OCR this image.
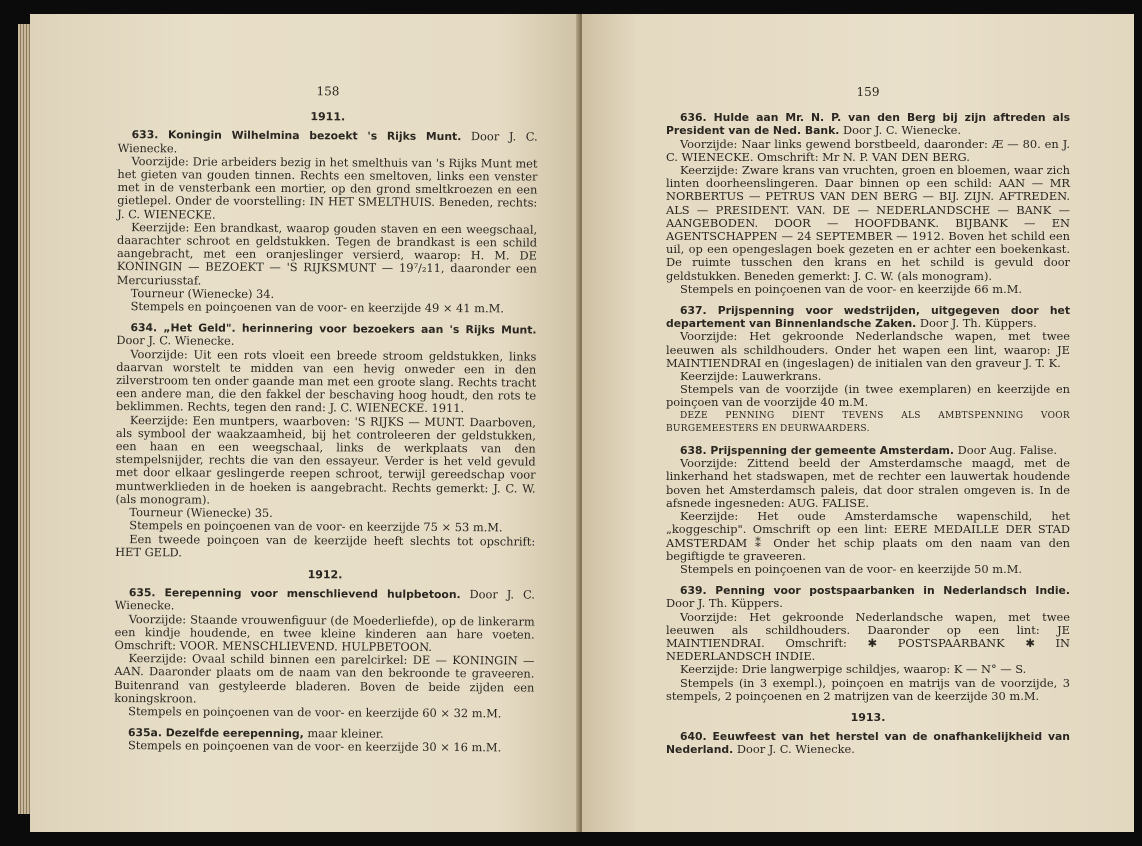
158
1911.

633. Koningin Wilhelmina bezoekt 's Rijks Munt. Door J. C. Wienecke.

Voorzijde: Drie arbeiders bezig in het smelthuis van 's Rijks Munt met het gieten van gouden tinnen. Rechts een smeltoven, links een venster met in de vensterbank een mortier, op den grond smeltkroezen en een gietlepel. Onder de voorstelling: IN HET SMELTHUIS. Beneden, rechts: J. C. WIENECKE.

Keerzijde: Een brandkast, waarop gouden staven en een weegschaal, daarachter schroot en geldstukken. Tegen de brandkast is een schild aangebracht, met een oranjeslinger versierd, waarop: H. M. DE KONINGIN — BEZOEKT — 'S RIJKSMUNT — 19⁷/₂11, daaronder een Mercuriusstaf.

Tourneur (Wienecke) 34.

Stempels en poinçoenen van de voor- en keerzijde 49 × 41 m.M.

634. „Het Geld". herinnering voor bezoekers aan 's Rijks Munt. Door J. C. Wienecke.

Voorzijde: Uit een rots vloeit een breede stroom geldstukken, links daarvan worstelt te midden van een hevig onweder een in den zilverstroom ten onder gaande man met een groote slang. Rechts tracht een andere man, die den fakkel der beschaving hoog houdt, den rots te beklimmen. Rechts, tegen den rand: J. C. WIENECKE. 1911.

Keerzijde: Een muntpers, waarboven: 'S RIJKS — MUNT. Daarboven, als symbool der waakzaamheid, bij het controleeren der geldstukken, een haan en een weegschaal, links de werkplaats van den stempelsnijder, rechts die van den essayeur. Verder is het veld gevuld met door elkaar geslingerde reepen schroot, terwijl gereedschap voor muntwerklieden in de hoeken is aangebracht. Rechts gemerkt: J. C. W. (als monogram).

Tourneur (Wienecke) 35.

Stempels en poinçoenen van de voor- en keerzijde 75 × 53 m.M.

Een tweede poinçoen van de keerzijde heeft slechts tot opschrift: HET GELD.

1912.

635. Eerepenning voor menschlievend hulpbetoon. Door J. C. Wienecke.

Voorzijde: Staande vrouwenfiguur (de Moederliefde), op de linkerarm een kindje houdende, en twee kleine kinderen aan hare voeten. Omschrift: VOOR. MENSCHLIEVEND. HULPBETOON.

Keerzijde: Ovaal schild binnen een parelcirkel: DE — KONINGIN — AAN. Daaronder plaats om de naam van den bekroonde te graveeren. Buitenrand van gestyleerde bladeren. Boven de beide zijden een koningskroon.

Stempels en poinçoenen van de voor- en keerzijde 60 × 32 m.M.

635a. Dezelfde eerepenning, maar kleiner.

Stempels en poinçoenen van de voor- en keerzijde 30 × 16 m.M.

159

636. Hulde aan Mr. N. P. van den Berg bij zijn aftreden als President van de Ned. Bank. Door J. C. Wienecke.

Voorzijde: Naar links gewend borstbeeld, daaronder: Æ — 80. en J. C. WIENECKE. Omschrift: Mr N. P. VAN DEN BERG.

Keerzijde: Zware krans van vruchten, groen en bloemen, waar zich linten doorheenslingeren. Daar binnen op een schild: AAN — MR NORBERTUS — PETRUS VAN DEN BERG — BIJ. ZIJN. AFTREDEN. ALS — PRESIDENT. VAN. DE — NEDERLANDSCHE — BANK — AANGEBODEN. DOOR — HOOFDBANK. BIJBANK — EN AGENTSCHAPPEN — 24 SEPTEMBER — 1912. Boven het schild een uil, op een opengeslagen boek gezeten en er achter een boekenkast. De ruimte tusschen den krans en het schild is gevuld door geldstukken. Beneden gemerkt: J. C. W. (als monogram).

Stempels en poinçoenen van de voor- en keerzijde 66 m.M.

637. Prijspenning voor wedstrijden, uitgegeven door het departement van Binnenlandsche Zaken. Door J. Th. Küppers.

Voorzijde: Het gekroonde Nederlandsche wapen, met twee leeuwen als schildhouders. Onder het wapen een lint, waarop: JE MAINTIENDRAI en (ingeslagen) de initialen van den graveur J. T. K.

Keerzijde: Lauwerkrans.

Stempels van de voorzijde (in twee exemplaren) en keerzijde en poinçoen van de voorzijde 40 m.M.

DEZE PENNING DIENT TEVENS ALS AMBTSPENNING VOOR BURGEMEESTERS EN DEURWAARDERS.

638. Prijspenning der gemeente Amsterdam. Door Aug. Falise.

Voorzijde: Zittend beeld der Amsterdamsche maagd, met de linkerhand het stadswapen, met de rechter een lauwertak houdende boven het Amsterdamsch paleis, dat door stralen omgeven is. In de afsnede ingesneden: AUG. FALISE.

Keerzijde: Het oude Amsterdamsche wapenschild, het „koggeschip". Omschrift op een lint: EERE MEDAILLE DER STAD AMSTERDAM ⁑ Onder het schip plaats om den naam van den begiftigde te graveeren.

Stempels en poinçoenen van de voor- en keerzijde 50 m.M.

639. Penning voor postspaarbanken in Nederlandsch Indie. Door J. Th. Küppers.

Voorzijde: Het gekroonde Nederlandsche wapen, met twee leeuwen als schildhouders. Daaronder op een lint: JE MAINTIENDRAI. Omschrift: ✱ POSTSPAARBANK ✱ IN NEDERLANDSCH INDIE.

Keerzijde: Drie langwerpige schildjes, waarop: K — N° — S.

Stempels (in 3 exempl.), poinçoen en matrijs van de voorzijde, 3 stempels, 2 poinçoenen en 2 matrijzen van de keerzijde 30 m.M.

1913.

640. Eeuwfeest van het herstel van de onafhankelijkheid van Nederland. Door J. C. Wienecke.
